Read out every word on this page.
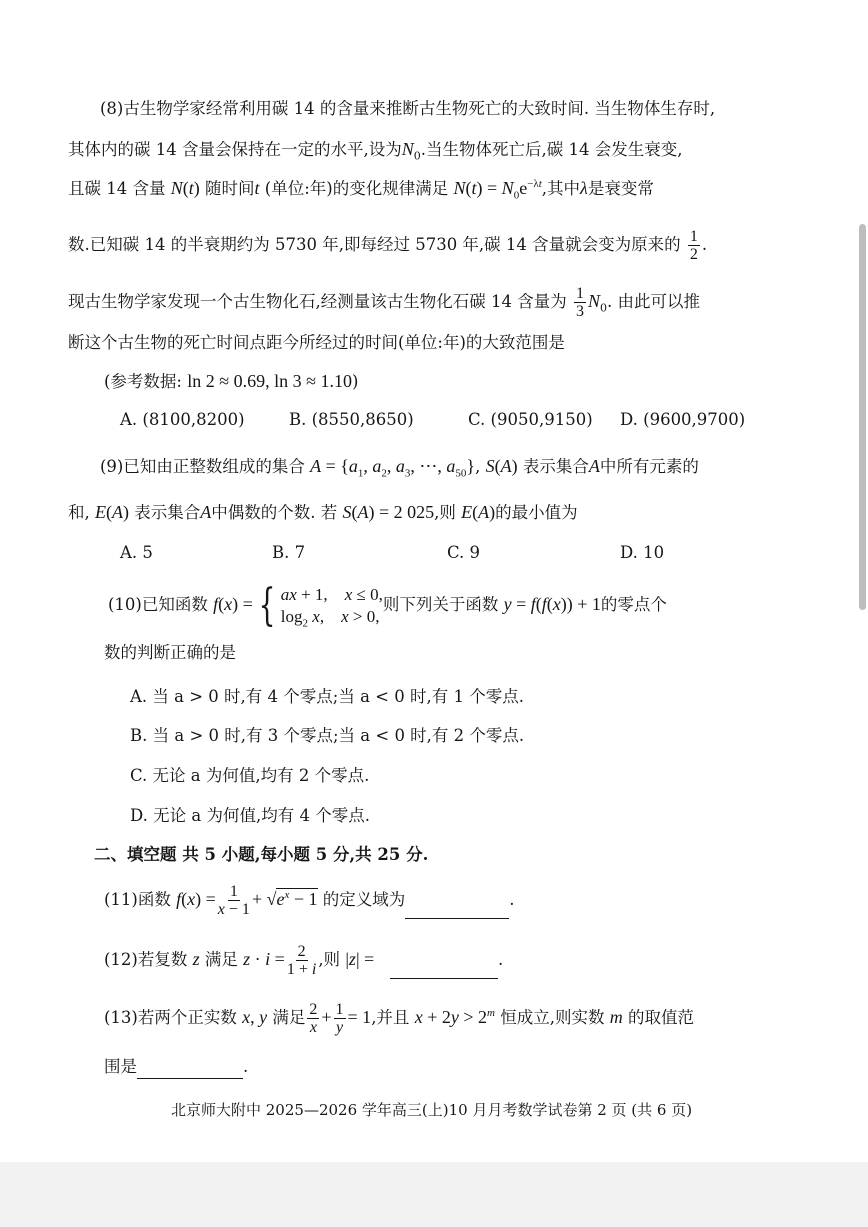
(8)古生物学家经常利用碳 14 的含量来推断古生物死亡的大致时间. 当生物体生存时,
其体内的碳 14 含量会保持在一定的水平,设为$N_0$.当生物体死亡后,碳 14 会发生衰变,
且碳 14 含量 N(t) 随时间t (单位:年)的变化规律满足 $N(t) = N_0e^{-\lambda t}$,其中λ是衰变常
数.已知碳 14 的半衰期约为 5730 年,即每经过 5730 年,碳 14 含量就会变为原来的 $\frac{1}{2}$ .
现古生物学家发现一个古生物化石,经测量该古生物化石碳 14 含量为 $\frac{1}{3} N_0$. 由此可以推
断这个古生物的死亡时间点距今所经过的时间(单位:年)的大致范围是
(参考数据: ln 2 ≈ 0.69, ln 3 ≈ 1.10)
A. (8100,8200)	B. (8550,8650)	C. (9050,9150) D. (9600,9700)
(9)已知由正整数组成的集合 $A = \{a_1$, $a_2$, $a_3$, ⋯, $a_{50}$}, S(A) 表示集合A中所有元素的
和, E(A) 表示集合A中偶数的个数. 若 S(A) = 2 025,则 E(A)的最小值为
A. 5	B. 7	C. 9	D. 10
(10)已知函数 f(x) = { ax + 1,    x ≤ 0,
$\log_2 x$,    x > 0,
则下列关于函数 y = f(f(x)) + 1的零点个
数的判断正确的是
A. 当 a > 0 时,有 4 个零点;当 a < 0 时,有 1 个零点.
B. 当 a > 0 时,有 3 个零点;当 a < 0 时,有 2 个零点.
C. 无论 a 为何值,均有 2 个零点.
D. 无论 a 为何值,均有 4 个零点.
二、填空题 共 5 小题,每小题 5 分,共 25 分.
(11)函数 $f(x) = \frac{1}{x - 1} + √e^x - 1$ 的定义域为	.
(12)若复数 z 满足 $z \cdot i = \frac{2}{1 + i}$ ,则 |z| =	.
(13)若两个正实数 x, y 满足 $\frac{2}{x} + \frac{1}{y} = 1$,并且 $x + 2y > 2^m$ 恒成立,则实数 m 的取值范
围是	.
北京师大附中 2025—2026 学年高三(上)10 月月考数学试卷第 2 页 (共 6 页)
